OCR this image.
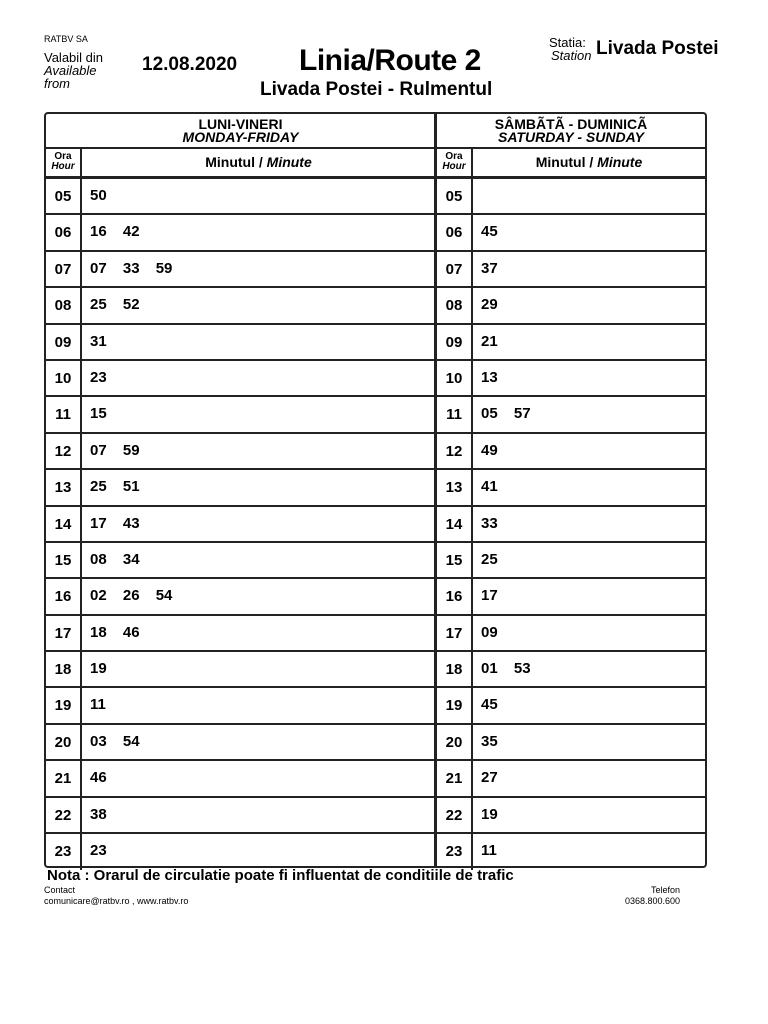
RATBV SA
Valabil din
Available
from
12.08.2020 Linia/Route 2
Livada Postei - Rulmentul
Statia:
Station Livada Postei
LUNI-VINERI
MONDAY-FRIDAY
Ora
Hour	Minutul / Minute
05	50
06	16 42
07	07 33 59
08	25 52
09	31
10	23
11	15
12	07 59
13	25 51
14	17 43
15	08 34
16	02 26 54
17	18 46
18	19
19	11
20	03 54
21	46
22	38
23	23
SÂMBÃTÃ - DUMINICÃ
SATURDAY - SUNDAY
Ora
Hour	Minutul / Minute
05
06	45
07	37
08	29
09	21
10	13
11	05 57
12	49
13	41
14	33
15	25
16	17
17	09
18	01 53
19	45
20	35
21	27
22	19
23	11
Nota : Orarul de circulatie poate fi influentat de conditiile de trafic
Contact
comunicare@ratbv.ro , www.ratbv.ro
Telefon
0368.800.600
